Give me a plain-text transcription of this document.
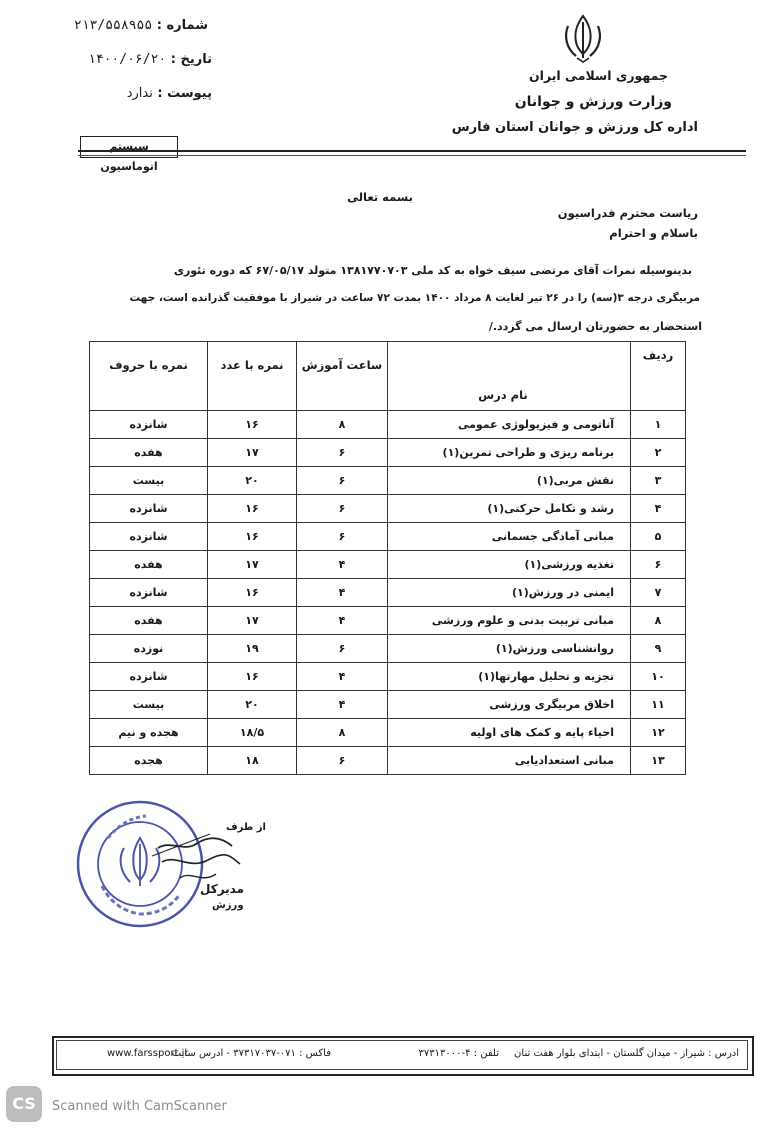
جمهوری اسلامی ایران
وزارت ورزش و جوانان
اداره کل ورزش و جوانان استان فارس
شماره : ۲۱۳/۵۵۸۹۵۵
تاریخ : ۱۴۰۰/۰۶/۲۰
پیوست : ندارد
سیستم اتوماسیون
بسمه تعالی
ریاست محترم فدراسیون
باسلام و احترام
بدینوسیله نمرات آقای مرتضی سیف خواه به کد ملی ۱۳۸۱۷۷۰۷۰۳ متولد ۶۷/۰۵/۱۷ که دوره تئوری
مربیگری درجه ۳(سه) را در ۲۶ تیر لغایت ۸ مرداد ۱۴۰۰ بمدت ۷۲ ساعت در شیراز با موفقیت گذرانده است، جهت
استحضار به حضورتان ارسال می گردد./
ردیف	نام درس	ساعت آموزش	نمره با عدد	نمره با حروف
۱	آناتومی و فیزیولوژی عمومی	۸	۱۶	شانزده
۲	برنامه ریزی و طراحی تمرین(۱)	۶	۱۷	هفده
۳	نقش مربی(۱)	۶	۲۰	بیست
۴	رشد و تکامل حرکتی(۱)	۶	۱۶	شانزده
۵	مبانی آمادگی جسمانی	۶	۱۶	شانزده
۶	تغذیه ورزشی(۱)	۴	۱۷	هفده
۷	ایمنی در ورزش(۱)	۴	۱۶	شانزده
۸	مبانی تربیت بدنی و علوم ورزشی	۴	۱۷	هفده
۹	روانشناسی ورزش(۱)	۶	۱۹	نوزده
۱۰	تجزیه و تحلیل مهارتها(۱)	۴	۱۶	شانزده
۱۱	اخلاق مربیگری ورزشی	۴	۲۰	بیست
۱۲	احیاء پایه و کمک های اولیه	۸	۱۸/۵	هجده و نیم
۱۳	مبانی استعدادیابی	۶	۱۸	هجده
از طرف
مدیرکل
ورزش
ادرس : شیراز - میدان گلستان - ابتدای بلوار هفت تنان
تلفن : ۴-۳۷۳۱۳۰۰۰
فاکس : ۰۷۱-۳۷۳۱۷۰۳۷ - ادرس سایت
www.farssport.ir
CS	Scanned with CamScanner
